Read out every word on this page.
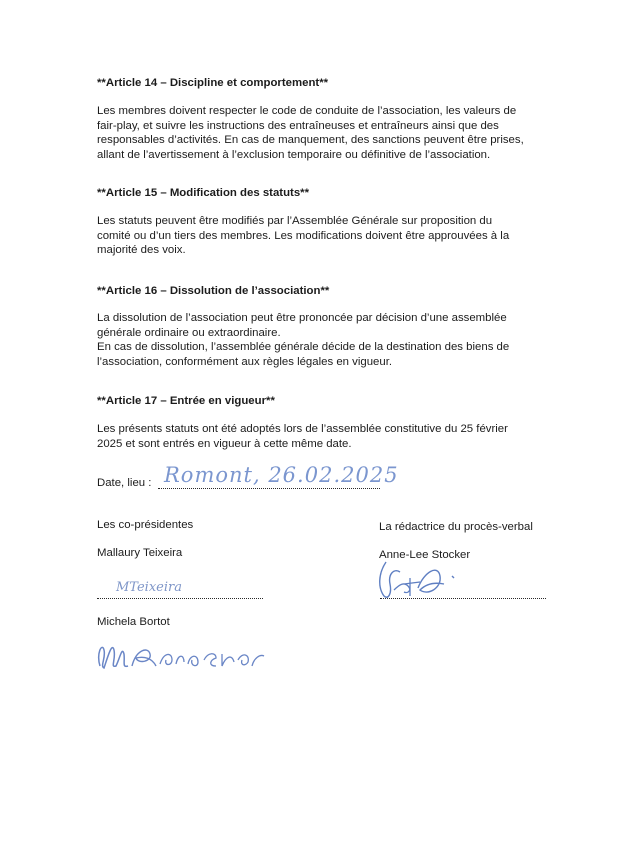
**Article 14 – Discipline et comportement**

Les membres doivent respecter le code de conduite de l’association, les valeurs de
fair-play, et suivre les instructions des entraîneuses et entraîneurs ainsi que des
responsables d’activités. En cas de manquement, des sanctions peuvent être prises,
allant de l’avertissement à l’exclusion temporaire ou définitive de l’association.

**Article 15 – Modification des statuts**

Les statuts peuvent être modifiés par l’Assemblée Générale sur proposition du
comité ou d’un tiers des membres. Les modifications doivent être approuvées à la
majorité des voix.

**Article 16 – Dissolution de l’association**

La dissolution de l’association peut être prononcée par décision d’une assemblée
générale ordinaire ou extraordinaire.
En cas de dissolution, l’assemblée générale décide de la destination des biens de
l’association, conformément aux règles légales en vigueur.

**Article 17 – Entrée en vigueur**

Les présents statuts ont été adoptés lors de l’assemblée constitutive du 25 février
2025 et sont entrés en vigueur à cette même date.

Date, lieu : Romont, 26.02.2025

Les co-présidentes	La rédactrice du procès-verbal

Mallaury Teixeira

MTeixeira

Anne-Lee Stocker

Michela Bortot
